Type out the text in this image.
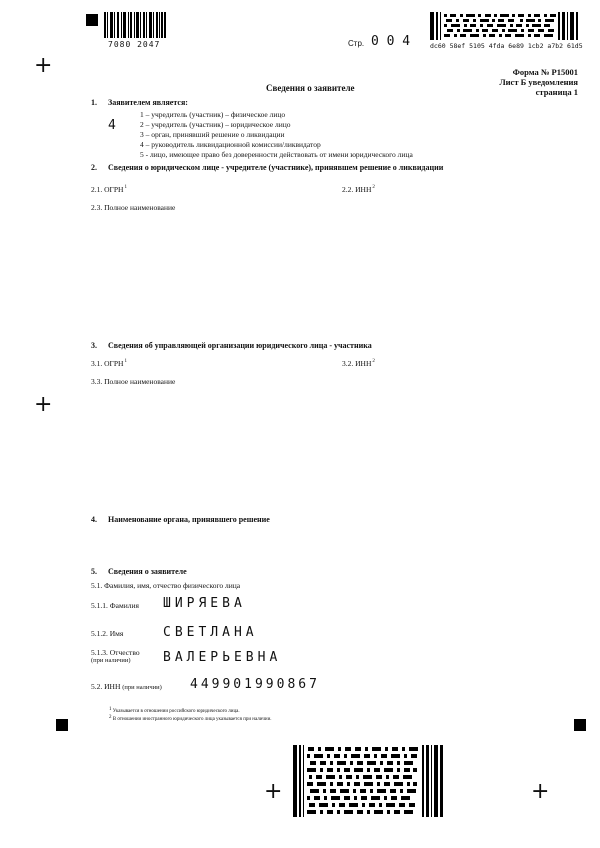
+
+
+	+
7080 2047	Стр. 0 0 4	dc60 58ef 5105 4fda 6e89 1cb2 a7b2 61d5
Форма № Р15001
Лист Б уведомления
страница 1
Сведения о заявителе
1. Заявителем является:
4
1 – учредитель (участник) – физическое лицо
2 – учредитель (участник) – юридическое лицо
3 – орган, принявший решение о ликвидации
4 – руководитель ликвидационной комиссии/ликвидатор
5 - лицо, имеющее право без доверенности действовать от имени юридического лица
2. Сведения о юридическом лице - учредителе (участнике), принявшем решение о ликвидации
2.1. ОГРН$^1$	2.2. ИНН$^2$
2.3. Полное наименование
3. Сведения об управляющей организации юридического лица - участника
3.1. ОГРН$^1$	3.2. ИНН$^2$
3.3. Полное наименование
4. Наименование органа, принявшего решение
5. Сведения о заявителе
5.1. Фамилия, имя, отчество физического лица
5.1.1. Фамилия ШИРЯЕВА
5.1.2. Имя	СВЕТЛАНА
5.1.3. Отчество
(при наличии) ВАЛЕРЬЕВНА
5.2. ИНН (при наличии) 449901990867
1 Указывается в отношении российского юридического лица.
2 В отношении иностранного юридического лица указывается при наличии.
